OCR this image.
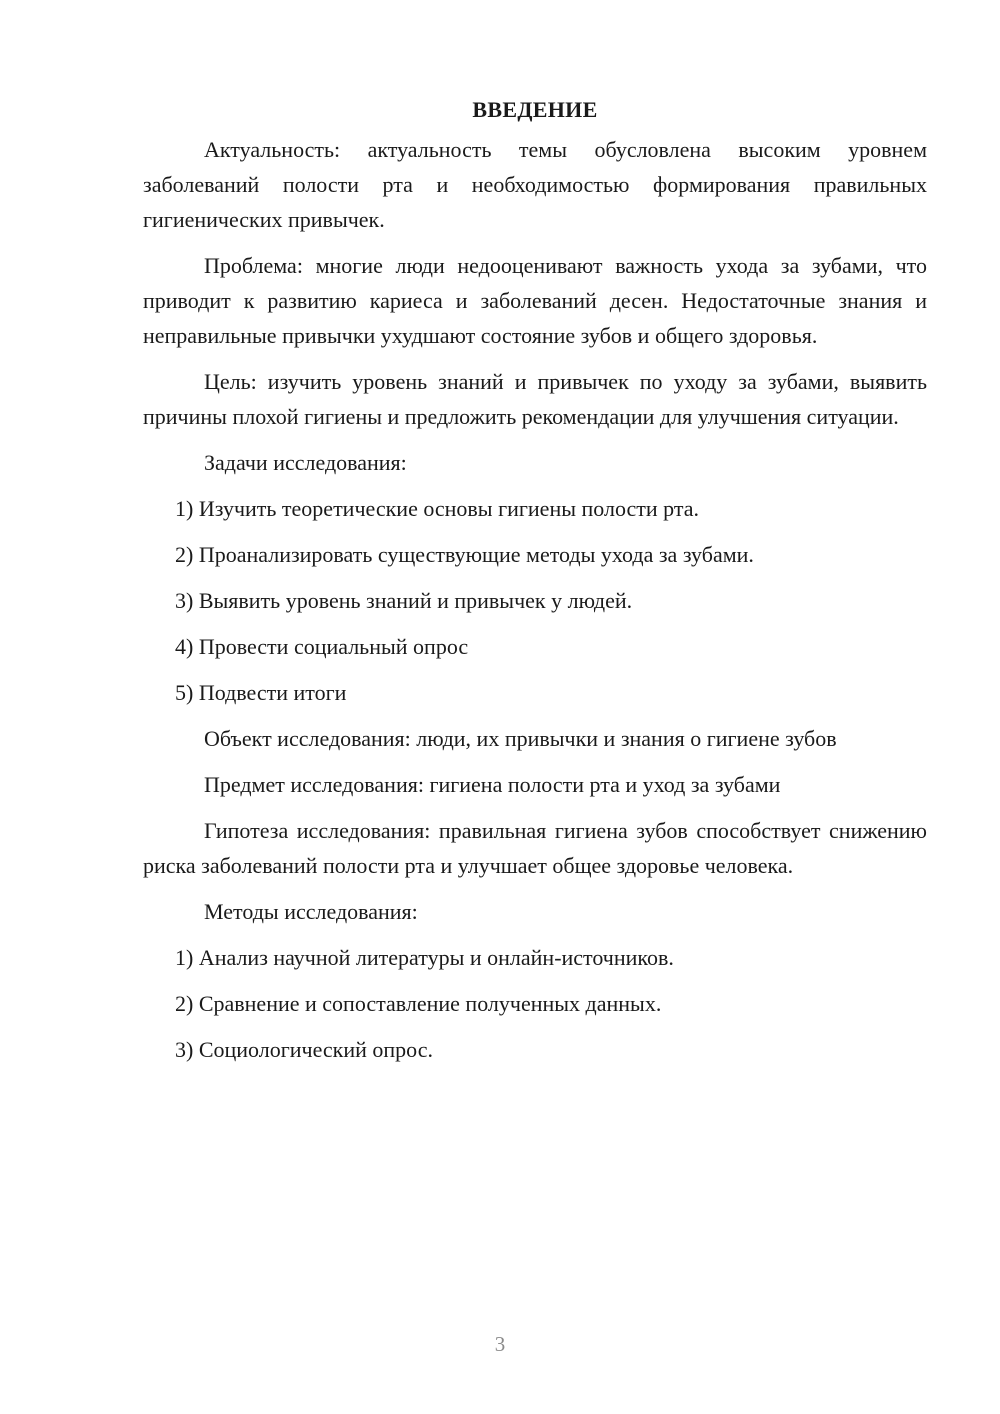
ВВЕДЕНИЕ
Актуальность: актуальность темы обусловлена высоким уровнем заболеваний полости рта и необходимостью формирования правильных гигиенических привычек.
Проблема: многие люди недооценивают важность ухода за зубами, что приводит к развитию кариеса и заболеваний десен. Недостаточные знания и неправильные привычки ухудшают состояние зубов и общего здоровья.
Цель: изучить уровень знаний и привычек по уходу за зубами, выявить причины плохой гигиены и предложить рекомендации для улучшения ситуации.
Задачи исследования:
1) Изучить теоретические основы гигиены полости рта.
2) Проанализировать существующие методы ухода за зубами.
3) Выявить уровень знаний и привычек у людей.
4) Провести социальный опрос
5) Подвести итоги
Объект исследования: люди, их привычки и знания о гигиене зубов
Предмет исследования: гигиена полости рта и уход за зубами
Гипотеза исследования: правильная гигиена зубов способствует снижению риска заболеваний полости рта и улучшает общее здоровье человека.
Методы исследования:
1) Анализ научной литературы и онлайн-источников.
2) Сравнение и сопоставление полученных данных.
3) Социологический опрос.
3
